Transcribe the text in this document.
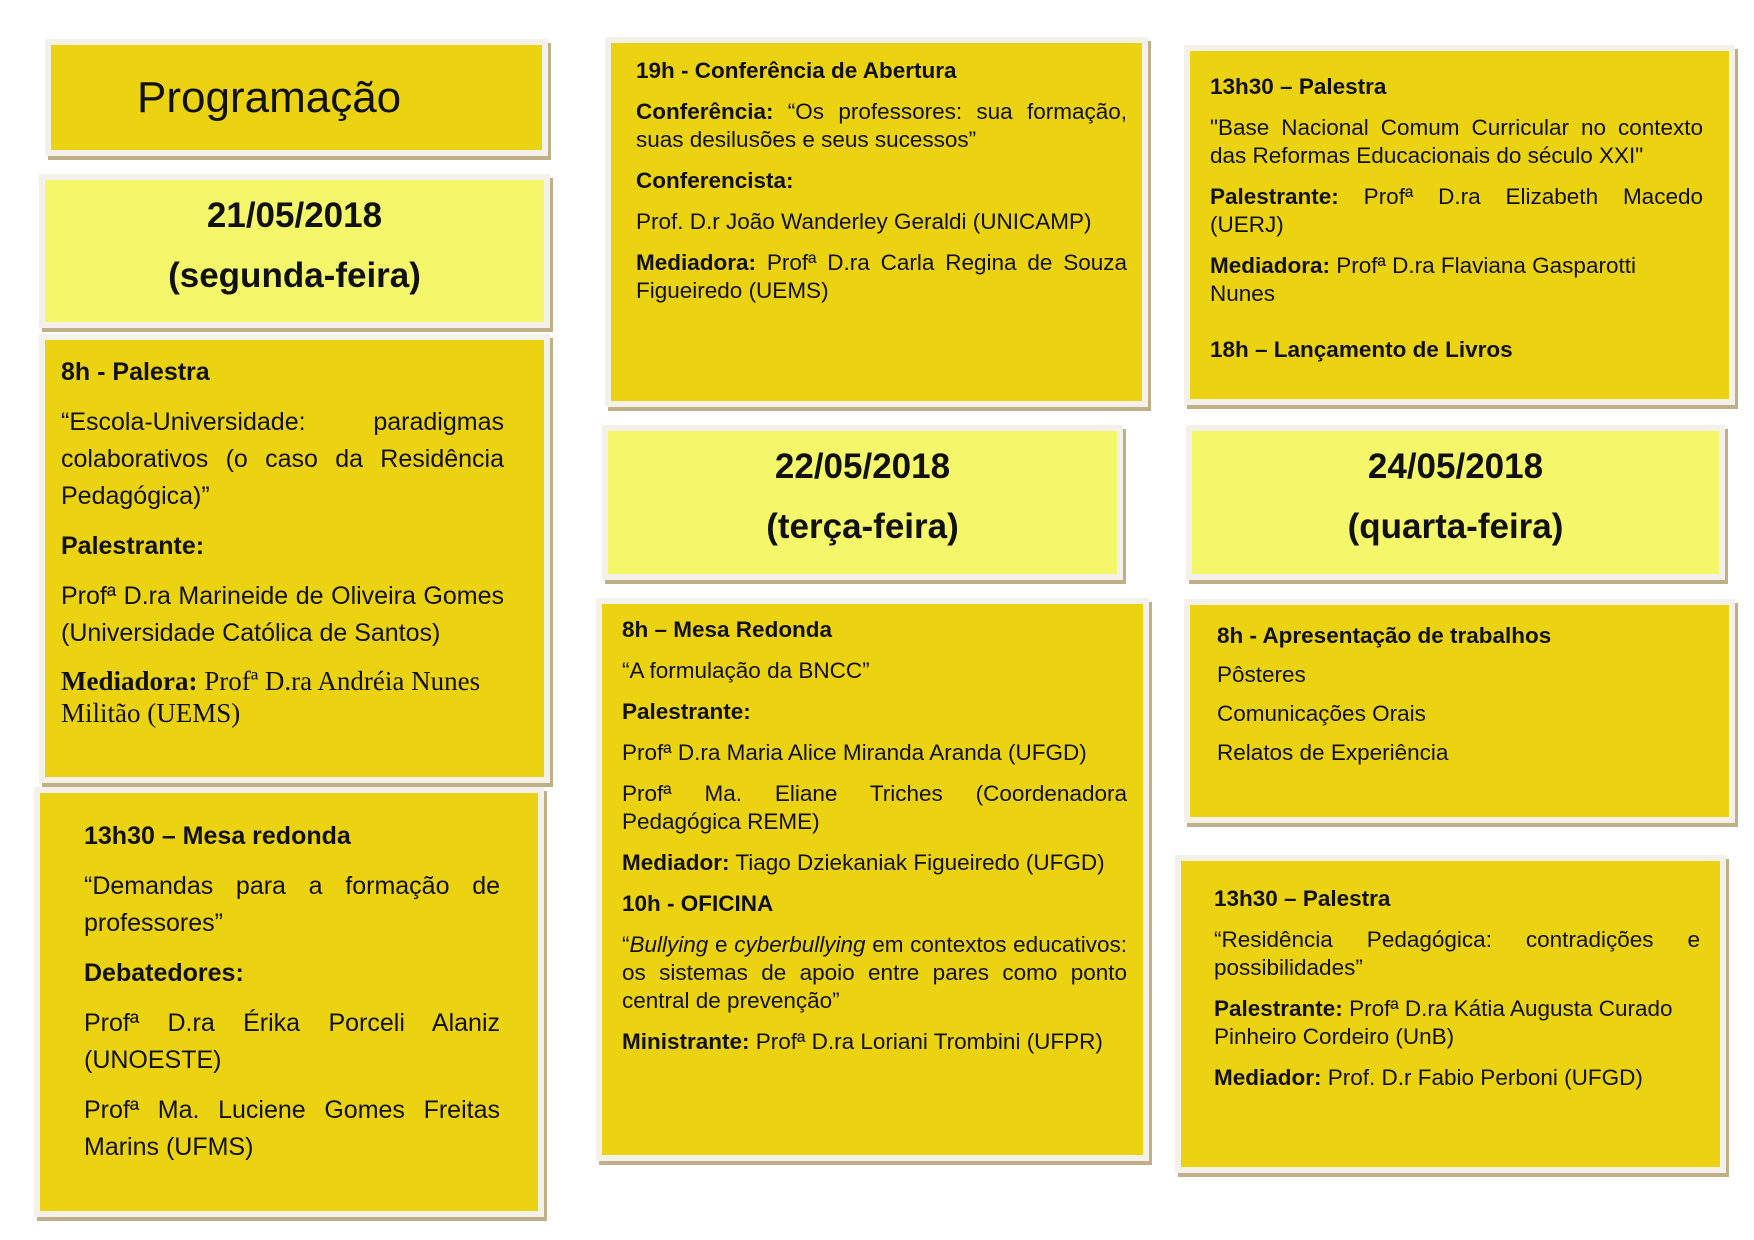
Programação
21/05/2018
(segunda-feira)

8h - Palestra

“Escola-Universidade: paradigmas colaborativos (o caso da Residência Pedagógica)”

Palestrante:

Profª D.ra Marineide de Oliveira Gomes (Universidade Católica de Santos)

Mediadora: Profª D.ra Andréia Nunes Militão (UEMS)

13h30 – Mesa redonda

“Demandas para a formação de professores”

Debatedores:

Profª D.ra Érika Porceli Alaniz (UNOESTE)

Profª Ma. Luciene Gomes Freitas Marins (UFMS)

19h - Conferência de Abertura

Conferência: “Os professores: sua formação, suas desilusões e seus sucessos”

Conferencista:

Prof. D.r João Wanderley Geraldi (UNICAMP)

Mediadora: Profª D.ra Carla Regina de Souza Figueiredo (UEMS)

22/05/2018
(terça-feira)

8h – Mesa Redonda

“A formulação da BNCC”

Palestrante:

Profª D.ra Maria Alice Miranda Aranda (UFGD)

Profª Ma. Eliane Triches (Coordenadora Pedagógica REME)

Mediador: Tiago Dziekaniak Figueiredo (UFGD)

10h - OFICINA

“Bullying e cyberbullying em contextos educativos: os sistemas de apoio entre pares como ponto central de prevenção”

Ministrante: Profª D.ra Loriani Trombini (UFPR)

13h30 – Palestra

"Base Nacional Comum Curricular no contexto das Reformas Educacionais do século XXI"

Palestrante: Profª D.ra Elizabeth Macedo (UERJ)

Mediadora: Profª D.ra Flaviana Gasparotti Nunes

18h – Lançamento de Livros

24/05/2018
(quarta-feira)

8h - Apresentação de trabalhos

Pôsteres

Comunicações Orais

Relatos de Experiência

13h30 – Palestra

“Residência Pedagógica: contradições e possibilidades”

Palestrante: Profª D.ra Kátia Augusta Curado Pinheiro Cordeiro (UnB)

Mediador: Prof. D.r Fabio Perboni (UFGD)
